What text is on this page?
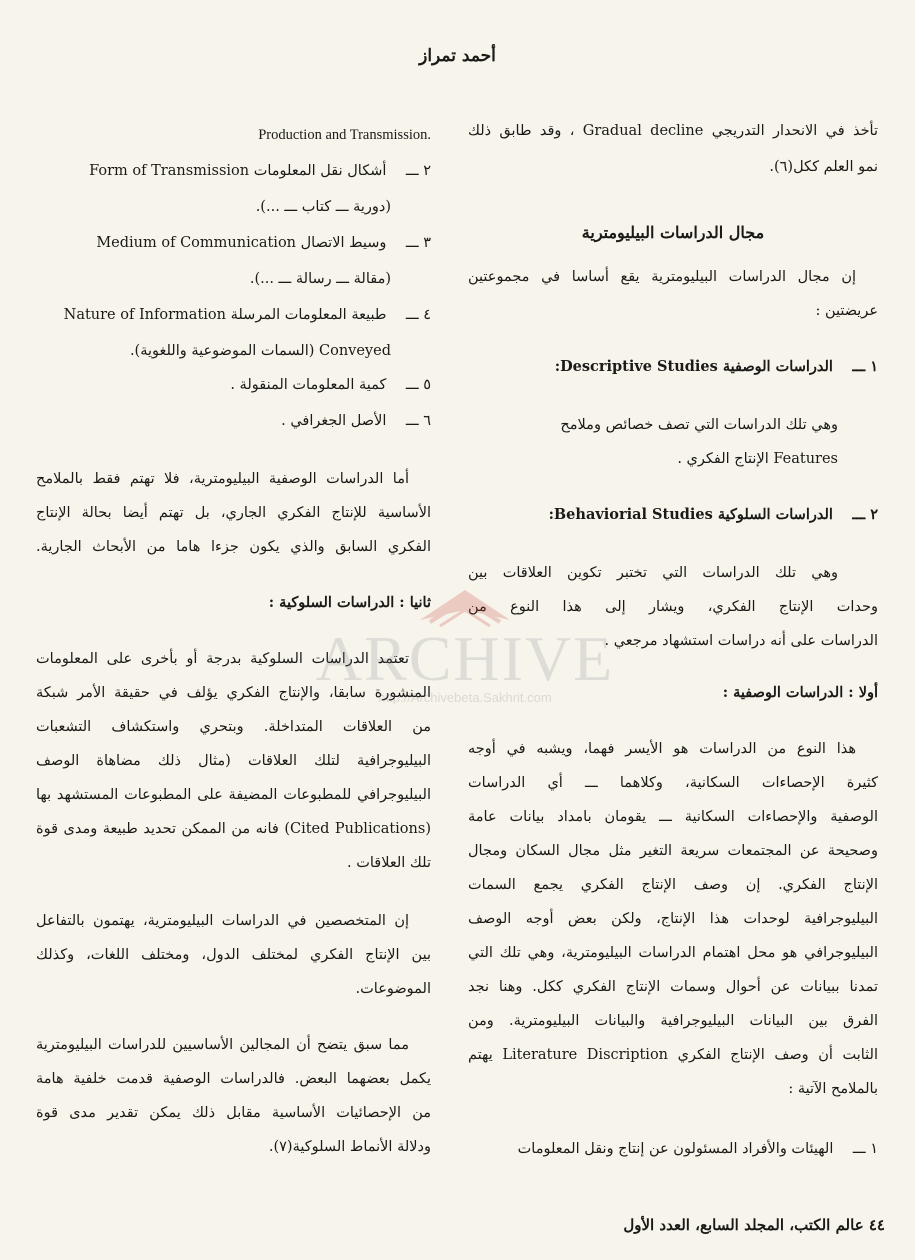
أحمد تمراز
تأخذ في الانحدار التدريجي Gradual decline ، وقد طابق ذلك
نمو العلم ككل(٦).
مجال الدراسات البيليومترية
إن مجال الدراسات البيليومترية يقع أساسا في مجموعتين
عريضتين :
١ ـــ الدراسات الوصفية Descriptive Studies:
وهي تلك الدراسات التي تصف خصائص وملامح
Features الإنتاج الفكري .
٢ ـــ الدراسات السلوكية Behaviorial Studies:
وهي تلك الدراسات التي تختبر تكوين العلاقات بين
وحدات الإنتاج الفكري، ويشار إلى هذا النوع من
الدراسات على أنه دراسات استشهاد مرجعي .
أولا : الدراسات الوصفية :
هذا النوع من الدراسات هو الأيسر فهما، ويشبه في أوجه
كثيرة الإحصاءات السكانية، وكلاهما ـــ أي الدراسات
الوصفية والإحصاءات السكانية ـــ يقومان بامداد بيانات عامة
وصحيحة عن المجتمعات سريعة التغير مثل مجال السكان ومجال
الإنتاج الفكري. إن وصف الإنتاج الفكري يجمع السمات
البيليوجرافية لوحدات هذا الإنتاج، ولكن بعض أوجه الوصف
البيليوجرافي هو محل اهتمام الدراسات البيليومترية، وهي تلك التي
تمدنا ببيانات عن أحوال وسمات الإنتاج الفكري ككل. وهنا نجد
الفرق بين البيانات البيليوجرافية والبيانات البيليومترية. ومن
الثابت أن وصف الإنتاج الفكري Literature Discription يهتم
بالملامح الآتية :
١ ـــ الهيئات والأفراد المسئولون عن إنتاج ونقل المعلومات
Production and Transmission.
٢ ـــ أشكال نقل المعلومات Form of Transmission
(دورية ـــ كتاب ـــ ...).
٣ ـــ وسيط الاتصال Medium of Communication
(مقالة ـــ رسالة ـــ ...).
٤ ـــ طبيعة المعلومات المرسلة Nature of Information
Conveyed (السمات الموضوعية واللغوية).
٥ ـــ كمية المعلومات المنقولة .
٦ ـــ الأصل الجغرافي .
أما الدراسات الوصفية البيليومترية، فلا تهتم فقط بالملامح
الأساسية للإنتاج الفكري الجاري، بل تهتم أيضا بحالة الإنتاج
الفكري السابق والذي يكون جزءا هاما من الأبحاث الجارية.
ثانيا : الدراسات السلوكية :
تعتمد الدراسات السلوكية بدرجة أو بأخرى على المعلومات
المنشورة سابقا، والإنتاج الفكري يؤلف في حقيقة الأمر شبكة
من العلاقات المتداخلة. وبتحري واستكشاف التشعبات
البيليوجرافية لتلك العلاقات (مثال ذلك مضاهاة الوصف
البيليوجرافي للمطبوعات المضيفة على المطبوعات المستشهد بها
(Cited Publications) فانه من الممكن تحديد طبيعة ومدى قوة
تلك العلاقات .
إن المتخصصين في الدراسات البيليومترية، يهتمون بالتفاعل
بين الإنتاج الفكري لمختلف الدول، ومختلف اللغات، وكذلك
الموضوعات.
مما سبق يتضح أن المجالين الأساسيين للدراسات البيليومترية
يكمل بعضهما البعض. فالدراسات الوصفية قدمت خلفية هامة
من الإحصائيات الأساسية مقابل ذلك يمكن تقدير مدى قوة
ودلالة الأنماط السلوكية(٧).
ARCHIVE
http://Archivebeta.Sakhrit.com
٤٤ عالم الكتب، المجلد السابع، العدد الأول
